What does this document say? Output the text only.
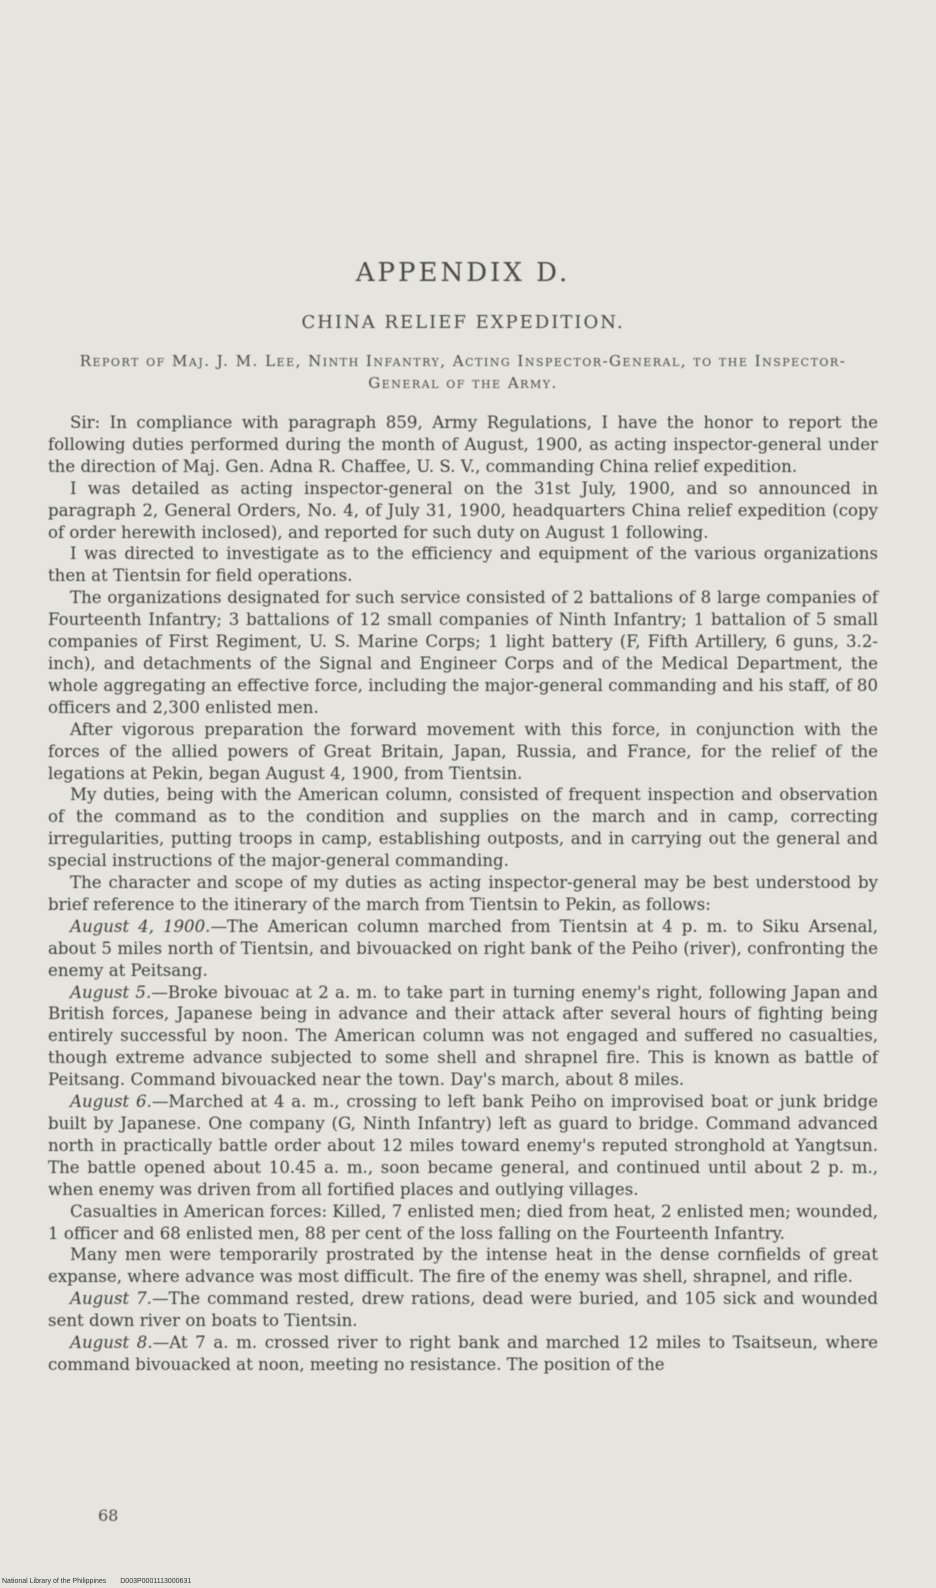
APPENDIX D.
CHINA RELIEF EXPEDITION.
Report of Maj. J. M. Lee, Ninth Infantry, Acting Inspector-General, to the Inspector-General of the Army.

Sir: In compliance with paragraph 859, Army Regulations, I have the honor to report the following duties performed during the month of August, 1900, as acting inspector-general under the direction of Maj. Gen. Adna R. Chaffee, U. S. V., commanding China relief expedition.

I was detailed as acting inspector-general on the 31st July, 1900, and so announced in paragraph 2, General Orders, No. 4, of July 31, 1900, headquarters China relief expedition (copy of order herewith inclosed), and reported for such duty on August 1 following.

I was directed to investigate as to the efficiency and equipment of the various organizations then at Tientsin for field operations.

The organizations designated for such service consisted of 2 battalions of 8 large companies of Fourteenth Infantry; 3 battalions of 12 small companies of Ninth Infantry; 1 battalion of 5 small companies of First Regiment, U. S. Marine Corps; 1 light battery (F, Fifth Artillery, 6 guns, 3.2-inch), and detachments of the Signal and Engineer Corps and of the Medical Department, the whole aggregating an effective force, including the major-general commanding and his staff, of 80 officers and 2,300 enlisted men.

After vigorous preparation the forward movement with this force, in conjunction with the forces of the allied powers of Great Britain, Japan, Russia, and France, for the relief of the legations at Pekin, began August 4, 1900, from Tientsin.

My duties, being with the American column, consisted of frequent inspection and observation of the command as to the condition and supplies on the march and in camp, correcting irregularities, putting troops in camp, establishing outposts, and in carrying out the general and special instructions of the major-general commanding.

The character and scope of my duties as acting inspector-general may be best understood by brief reference to the itinerary of the march from Tientsin to Pekin, as follows:

August 4, 1900.—The American column marched from Tientsin at 4 p. m. to Siku Arsenal, about 5 miles north of Tientsin, and bivouacked on right bank of the Peiho (river), confronting the enemy at Peitsang.

August 5.—Broke bivouac at 2 a. m. to take part in turning enemy's right, following Japan and British forces, Japanese being in advance and their attack after several hours of fighting being entirely successful by noon. The American column was not engaged and suffered no casualties, though extreme advance subjected to some shell and shrapnel fire. This is known as battle of Peitsang. Command bivouacked near the town. Day's march, about 8 miles.

August 6.—Marched at 4 a. m., crossing to left bank Peiho on improvised boat or junk bridge built by Japanese. One company (G, Ninth Infantry) left as guard to bridge. Command advanced north in practically battle order about 12 miles toward enemy's reputed stronghold at Yangtsun. The battle opened about 10.45 a. m., soon became general, and continued until about 2 p. m., when enemy was driven from all fortified places and outlying villages.

Casualties in American forces: Killed, 7 enlisted men; died from heat, 2 enlisted men; wounded, 1 officer and 68 enlisted men, 88 per cent of the loss falling on the Fourteenth Infantry.

Many men were temporarily prostrated by the intense heat in the dense cornfields of great expanse, where advance was most difficult. The fire of the enemy was shell, shrapnel, and rifle.

August 7.—The command rested, drew rations, dead were buried, and 105 sick and wounded sent down river on boats to Tientsin.

August 8.—At 7 a. m. crossed river to right bank and marched 12 miles to Tsaitseun, where command bivouacked at noon, meeting no resistance. The position of the

68
National Library of the Philippines D003P0001113000631
